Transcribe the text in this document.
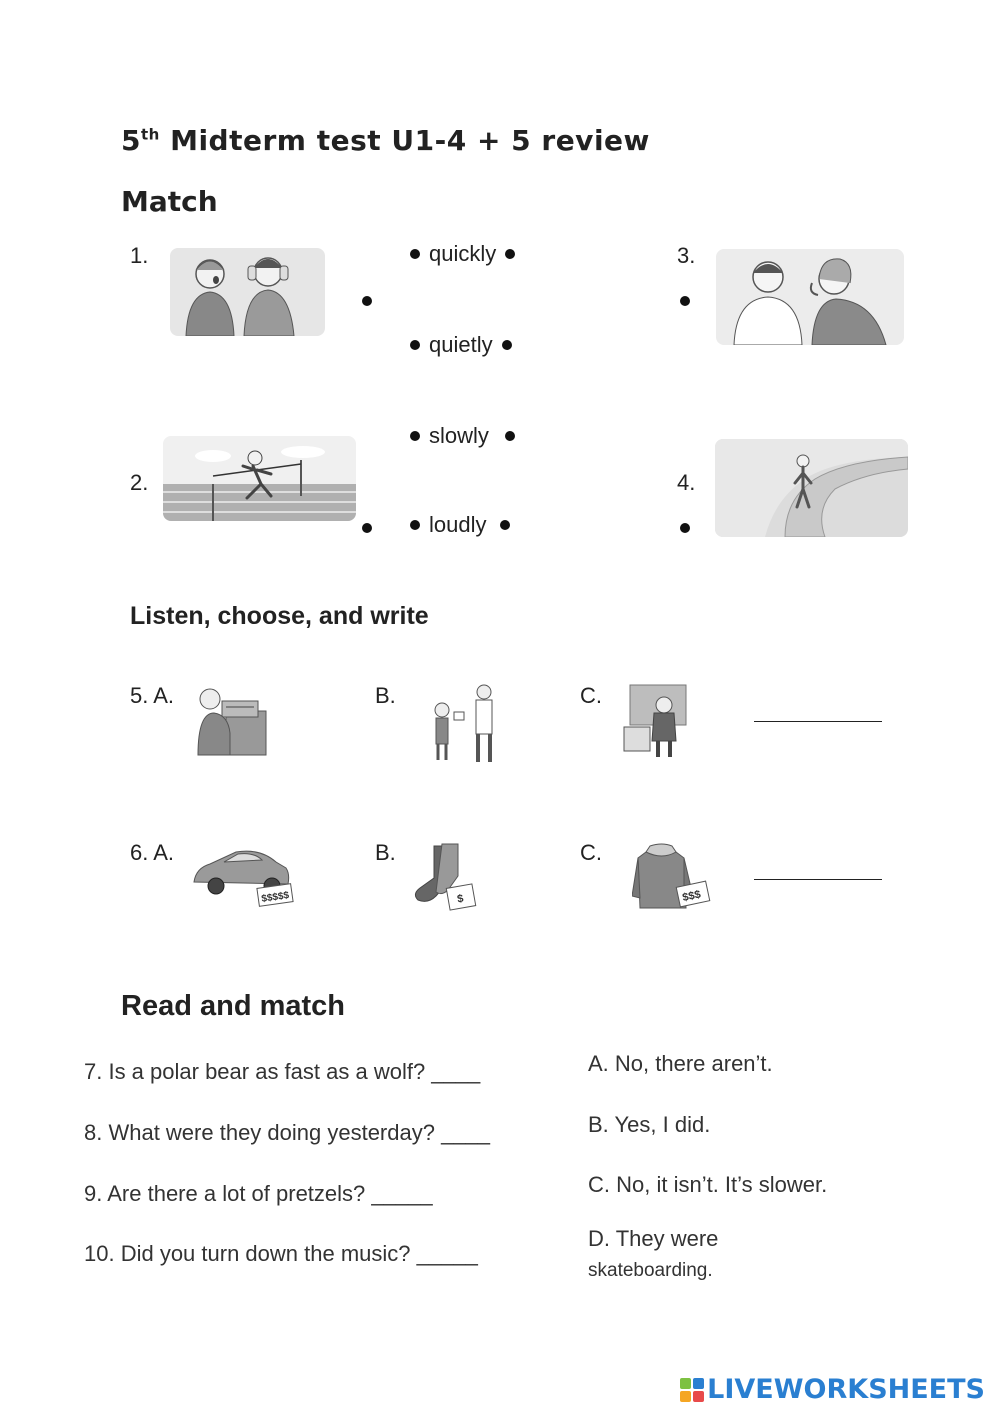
5th Midterm test U1-4 + 5 review
Match
1.
2.
3.
4.
quickly
quietly
slowly
loudly
Listen, choose, and write
5. A.	B.	C.
6. A.
$$$$$
B.
$
C.
$$$
Read and match
7. Is a polar bear as fast as a wolf? ____
8. What were they doing yesterday? ____
9. Are there a lot of pretzels? _____
10. Did you turn down the music? _____
A. No, there aren’t.
B. Yes, I did.
C. No, it isn’t. It’s slower.
D. They were
skateboarding.
LIVEWORKSHEETS
